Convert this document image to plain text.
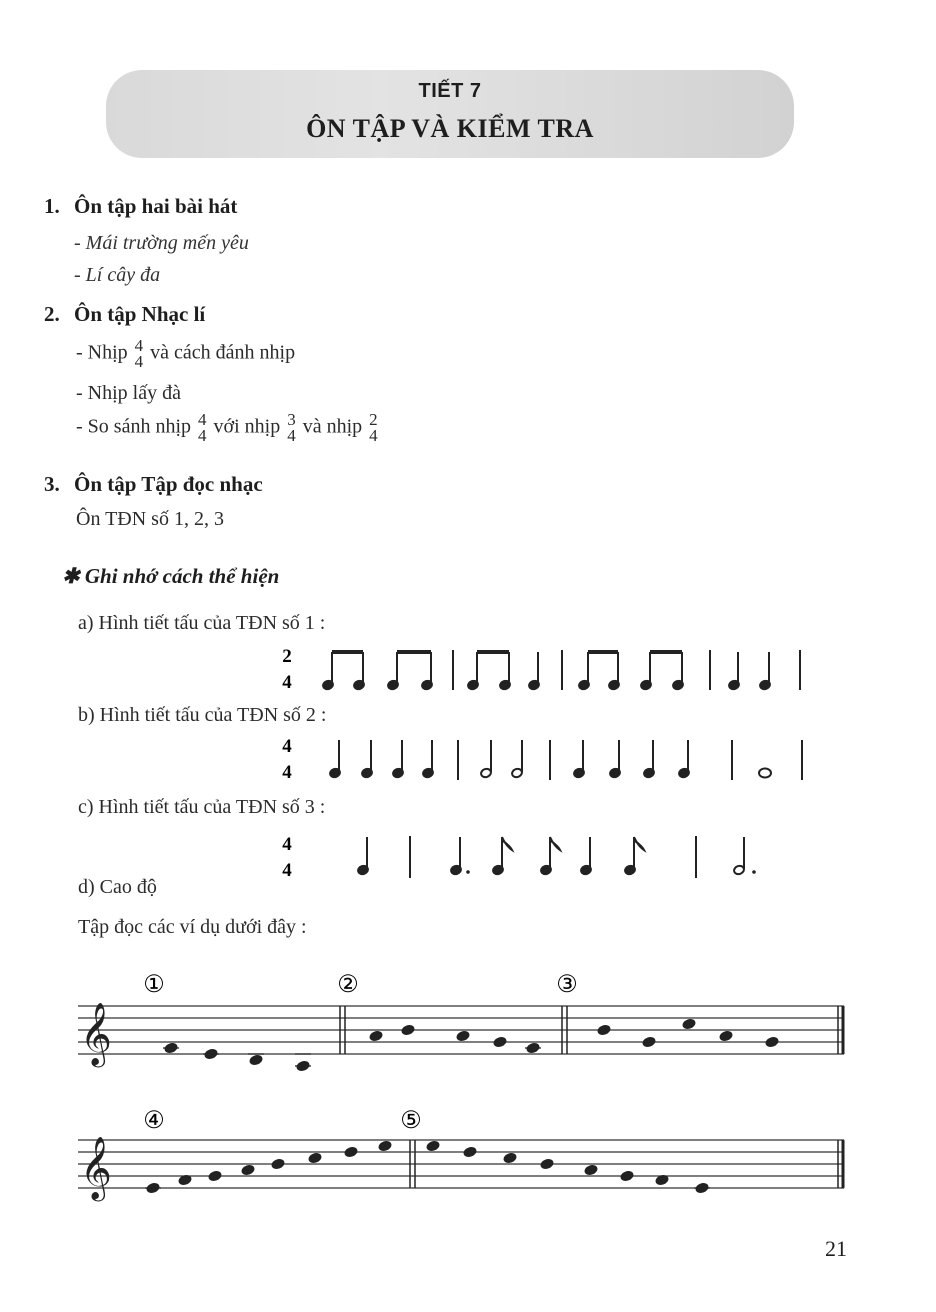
TIẾT 7
ÔN TẬP VÀ KIỂM TRA
1. Ôn tập hai bài hát
- Mái trường mến yêu
- Lí cây đa
2. Ôn tập Nhạc lí
- Nhịp 4
4 và cách đánh nhịp
- Nhịp lấy đà
- So sánh nhịp 4
4 với nhịp 3
4 và nhịp 2
4
3. Ôn tập Tập đọc nhạc
Ôn TĐN số 1, 2, 3
✱ Ghi nhớ cách thể hiện
a) Hình tiết tấu của TĐN số 1 :
b) Hình tiết tấu của TĐN số 2 :
c) Hình tiết tấu của TĐN số 3 :
d) Cao độ
Tập đọc các ví dụ dưới đây :
2
4
4
4
4
4
①	②	③
𝄞
④	⑤
𝄞
21
